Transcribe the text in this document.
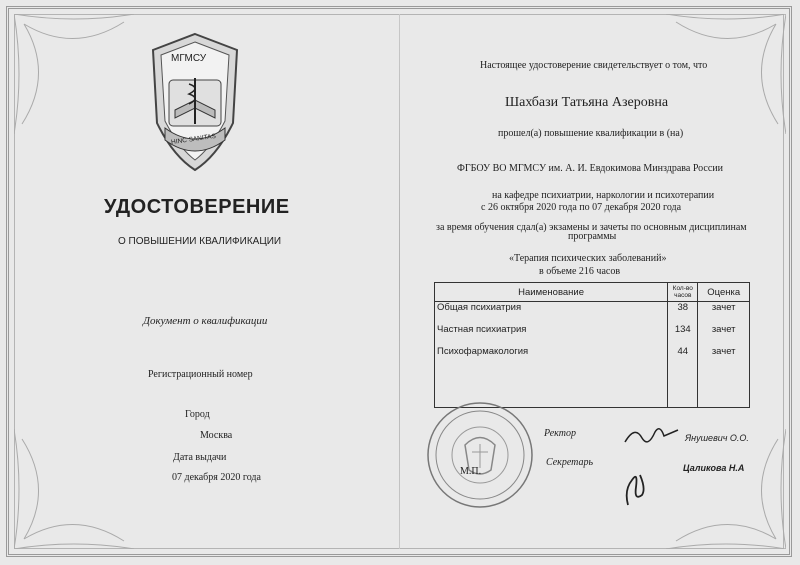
МГМСУ
HINC SANITAS
УДОСТОВЕРЕНИЕ
О ПОВЫШЕНИИ КВАЛИФИКАЦИИ
Документ о квалификации
Регистрационный номер
Город
Москва
Дата выдачи
07 декабря 2020 года
Настоящее удостоверение свидетельствует о том, что
Шахбази Татьяна Азеровна
прошел(а) повышение квалификации в (на)
ФГБОУ ВО МГМСУ им. А. И. Евдокимова Минздрава России
на кафедре психиатрии, наркологии и психотерапии
с 26 октября 2020 года по 07 декабря 2020 года
за время обучения сдал(а) экзамены и зачеты по основным дисциплинам
программы
«Терапия психических заболеваний»
в объеме 216 часов
Наименование	Кол-во часов	Оценка
Общая психиатрия	38	зачет
Частная психиатрия	134	зачет
Психофармакология	44	зачет

М.П.
Ректор	Янушевич О.О.
Секретарь	Цаликова Н.А
